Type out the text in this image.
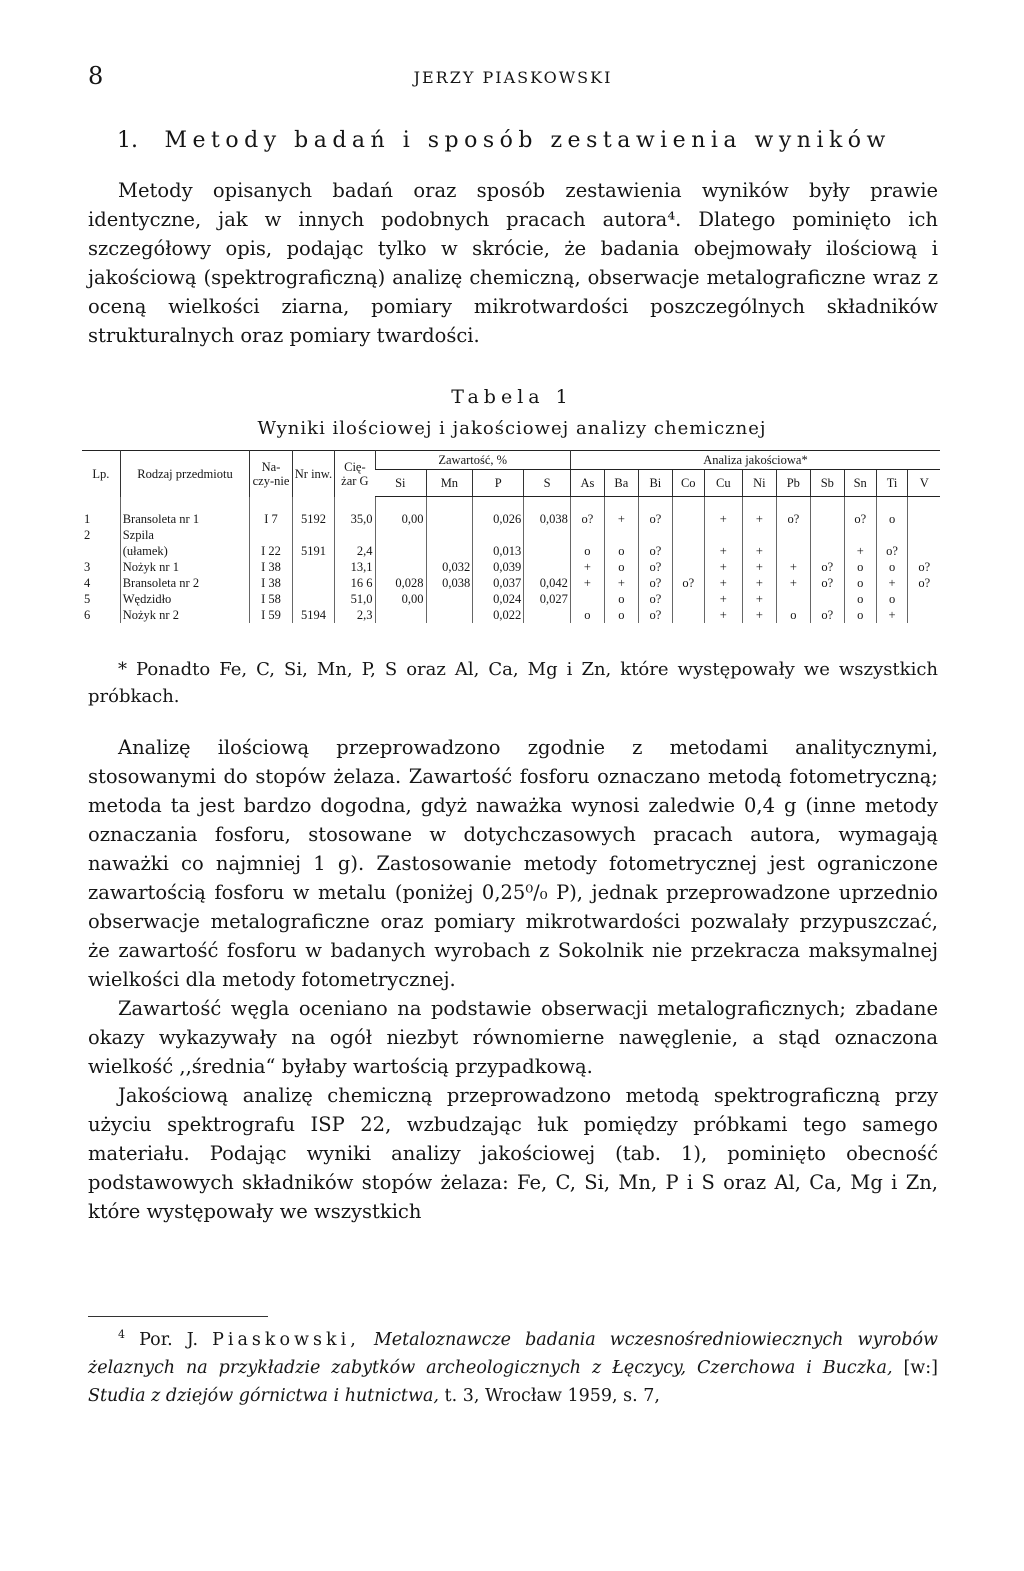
8	JERZY PIASKOWSKI
1. Metody badań i sposób zestawienia wyników

Metody opisanych badań oraz sposób zestawienia wyników były prawie identyczne, jak w innych podobnych pracach autora⁴. Dlatego pominięto ich szczegółowy opis, podając tylko w skrócie, że badania obejmowały ilościową i jakościową (spektrograficzną) analizę chemiczną, obserwacje metalograficzne wraz z oceną wielkości ziarna, pomiary mikrotwardości poszczególnych składników strukturalnych oraz pomiary twardości.

Tabela 1
Wyniki ilościowej i jakościowej analizy chemicznej
Lp.	Rodzaj przedmiotu	Na-czy-nie	Nr inw.	Cię-żar G	Zawartość, %				Analiza jakościowa*										
					Si	Mn	P	S	As	Ba	Bi	Co	Cu	Ni	Pb	Sb	Sn	Ti	V
1	Bransoleta nr 1	I 7	5192	35,0	0,00		0,026	0,038	o?	+	o?		+	+	o?		o?	o	
2	Szpila																		
	(ułamek)	I 22	5191	2,4			0,013		o	o	o?		+	+			+	o?	
3	Nożyk nr 1	I 38		13,1		0,032	0,039		+	o	o?		+	+	+	o?	o	o	o?
4	Bransoleta nr 2	I 38		16 6	0,028	0,038	0,037	0,042	+	+	o?	o?	+	+	+	o?	o	+	o?
5	Wędzidło	I 58		51,0	0,00		0,024	0,027		o	o?		+	+			o	o	
6	Nożyk nr 2	I 59	5194	2,3			0,022		o	o	o?		+	+	o	o?	o	+	

* Ponadto Fe, C, Si, Mn, P, S oraz Al, Ca, Mg i Zn, które występowały we wszystkich próbkach.

Analizę ilościową przeprowadzono zgodnie z metodami analitycznymi, stosowanymi do stopów żelaza. Zawartość fosforu oznaczano metodą fotometryczną; metoda ta jest bardzo dogodna, gdyż naważka wynosi zaledwie 0,4 g (inne metody oznaczania fosforu, stosowane w dotychczasowych pracach autora, wymagają naważki co najmniej 1 g). Zastosowanie metody fotometrycznej jest ograniczone zawartością fosforu w metalu (poniżej 0,25⁰/₀ P), jednak przeprowadzone uprzednio obserwacje metalograficzne oraz pomiary mikrotwardości pozwalały przypuszczać, że zawartość fosforu w badanych wyrobach z Sokolnik nie przekracza maksymalnej wielkości dla metody fotometrycznej.

Zawartość węgla oceniano na podstawie obserwacji metalograficznych; zbadane okazy wykazywały na ogół niezbyt równomierne nawęglenie, a stąd oznaczona wielkość ,,średnia“ byłaby wartością przypadkową.

Jakościową analizę chemiczną przeprowadzono metodą spektrograficzną przy użyciu spektrografu ISP 22, wzbudzając łuk pomiędzy próbkami tego samego materiału. Podając wyniki analizy jakościowej (tab. 1), pominięto obecność podstawowych składników stopów żelaza: Fe, C, Si, Mn, P i S oraz Al, Ca, Mg i Zn, które występowały we wszystkich

$^4$ Por. J. Piaskowski, Metaloznawcze badania wczesnośredniowiecznych wyrobów żelaznych na przykładzie zabytków archeologicznych z Łęczycy, Czerchowa i Buczka, [w:] Studia z dziejów górnictwa i hutnictwa, t. 3, Wrocław 1959, s. 7,
